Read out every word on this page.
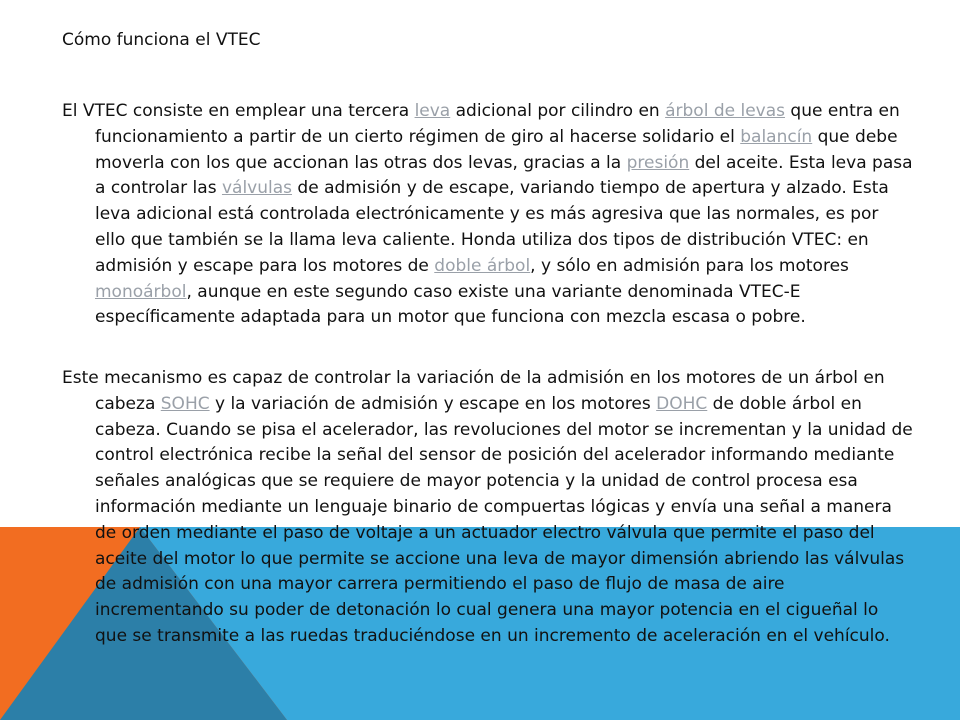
Cómo funciona el VTEC

El VTEC consiste en emplear una tercera leva adicional por cilindro en árbol de levas que entra en funcionamiento a partir de un cierto régimen de giro al hacerse solidario el balancín que debe moverla con los que accionan las otras dos levas, gracias a la presión del aceite. Esta leva pasa a controlar las válvulas de admisión y de escape, variando tiempo de apertura y alzado. Esta leva adicional está controlada electrónicamente y es más agresiva que las normales, es por ello que también se la llama leva caliente. Honda utiliza dos tipos de distribución VTEC: en admisión y escape para los motores de doble árbol, y sólo en admisión para los motores monoárbol, aunque en este segundo caso existe una variante denominada VTEC-E específicamente adaptada para un motor que funciona con mezcla escasa o pobre.

Este mecanismo es capaz de controlar la variación de la admisión en los motores de un árbol en cabeza SOHC y la variación de admisión y escape en los motores DOHC de doble árbol en cabeza. Cuando se pisa el acelerador, las revoluciones del motor se incrementan y la unidad de control electrónica recibe la señal del sensor de posición del acelerador informando mediante señales analógicas que se requiere de mayor potencia y la unidad de control procesa esa información mediante un lenguaje binario de compuertas lógicas y envía una señal a manera de orden mediante el paso de voltaje a un actuador electro válvula que permite el paso del aceite del motor lo que permite se accione una leva de mayor dimensión abriendo las válvulas de admisión con una mayor carrera permitiendo el paso de flujo de masa de aire incrementando su poder de detonación lo cual genera una mayor potencia en el cigueñal lo que se transmite a las ruedas traduciéndose en un incremento de aceleración en el vehículo.
